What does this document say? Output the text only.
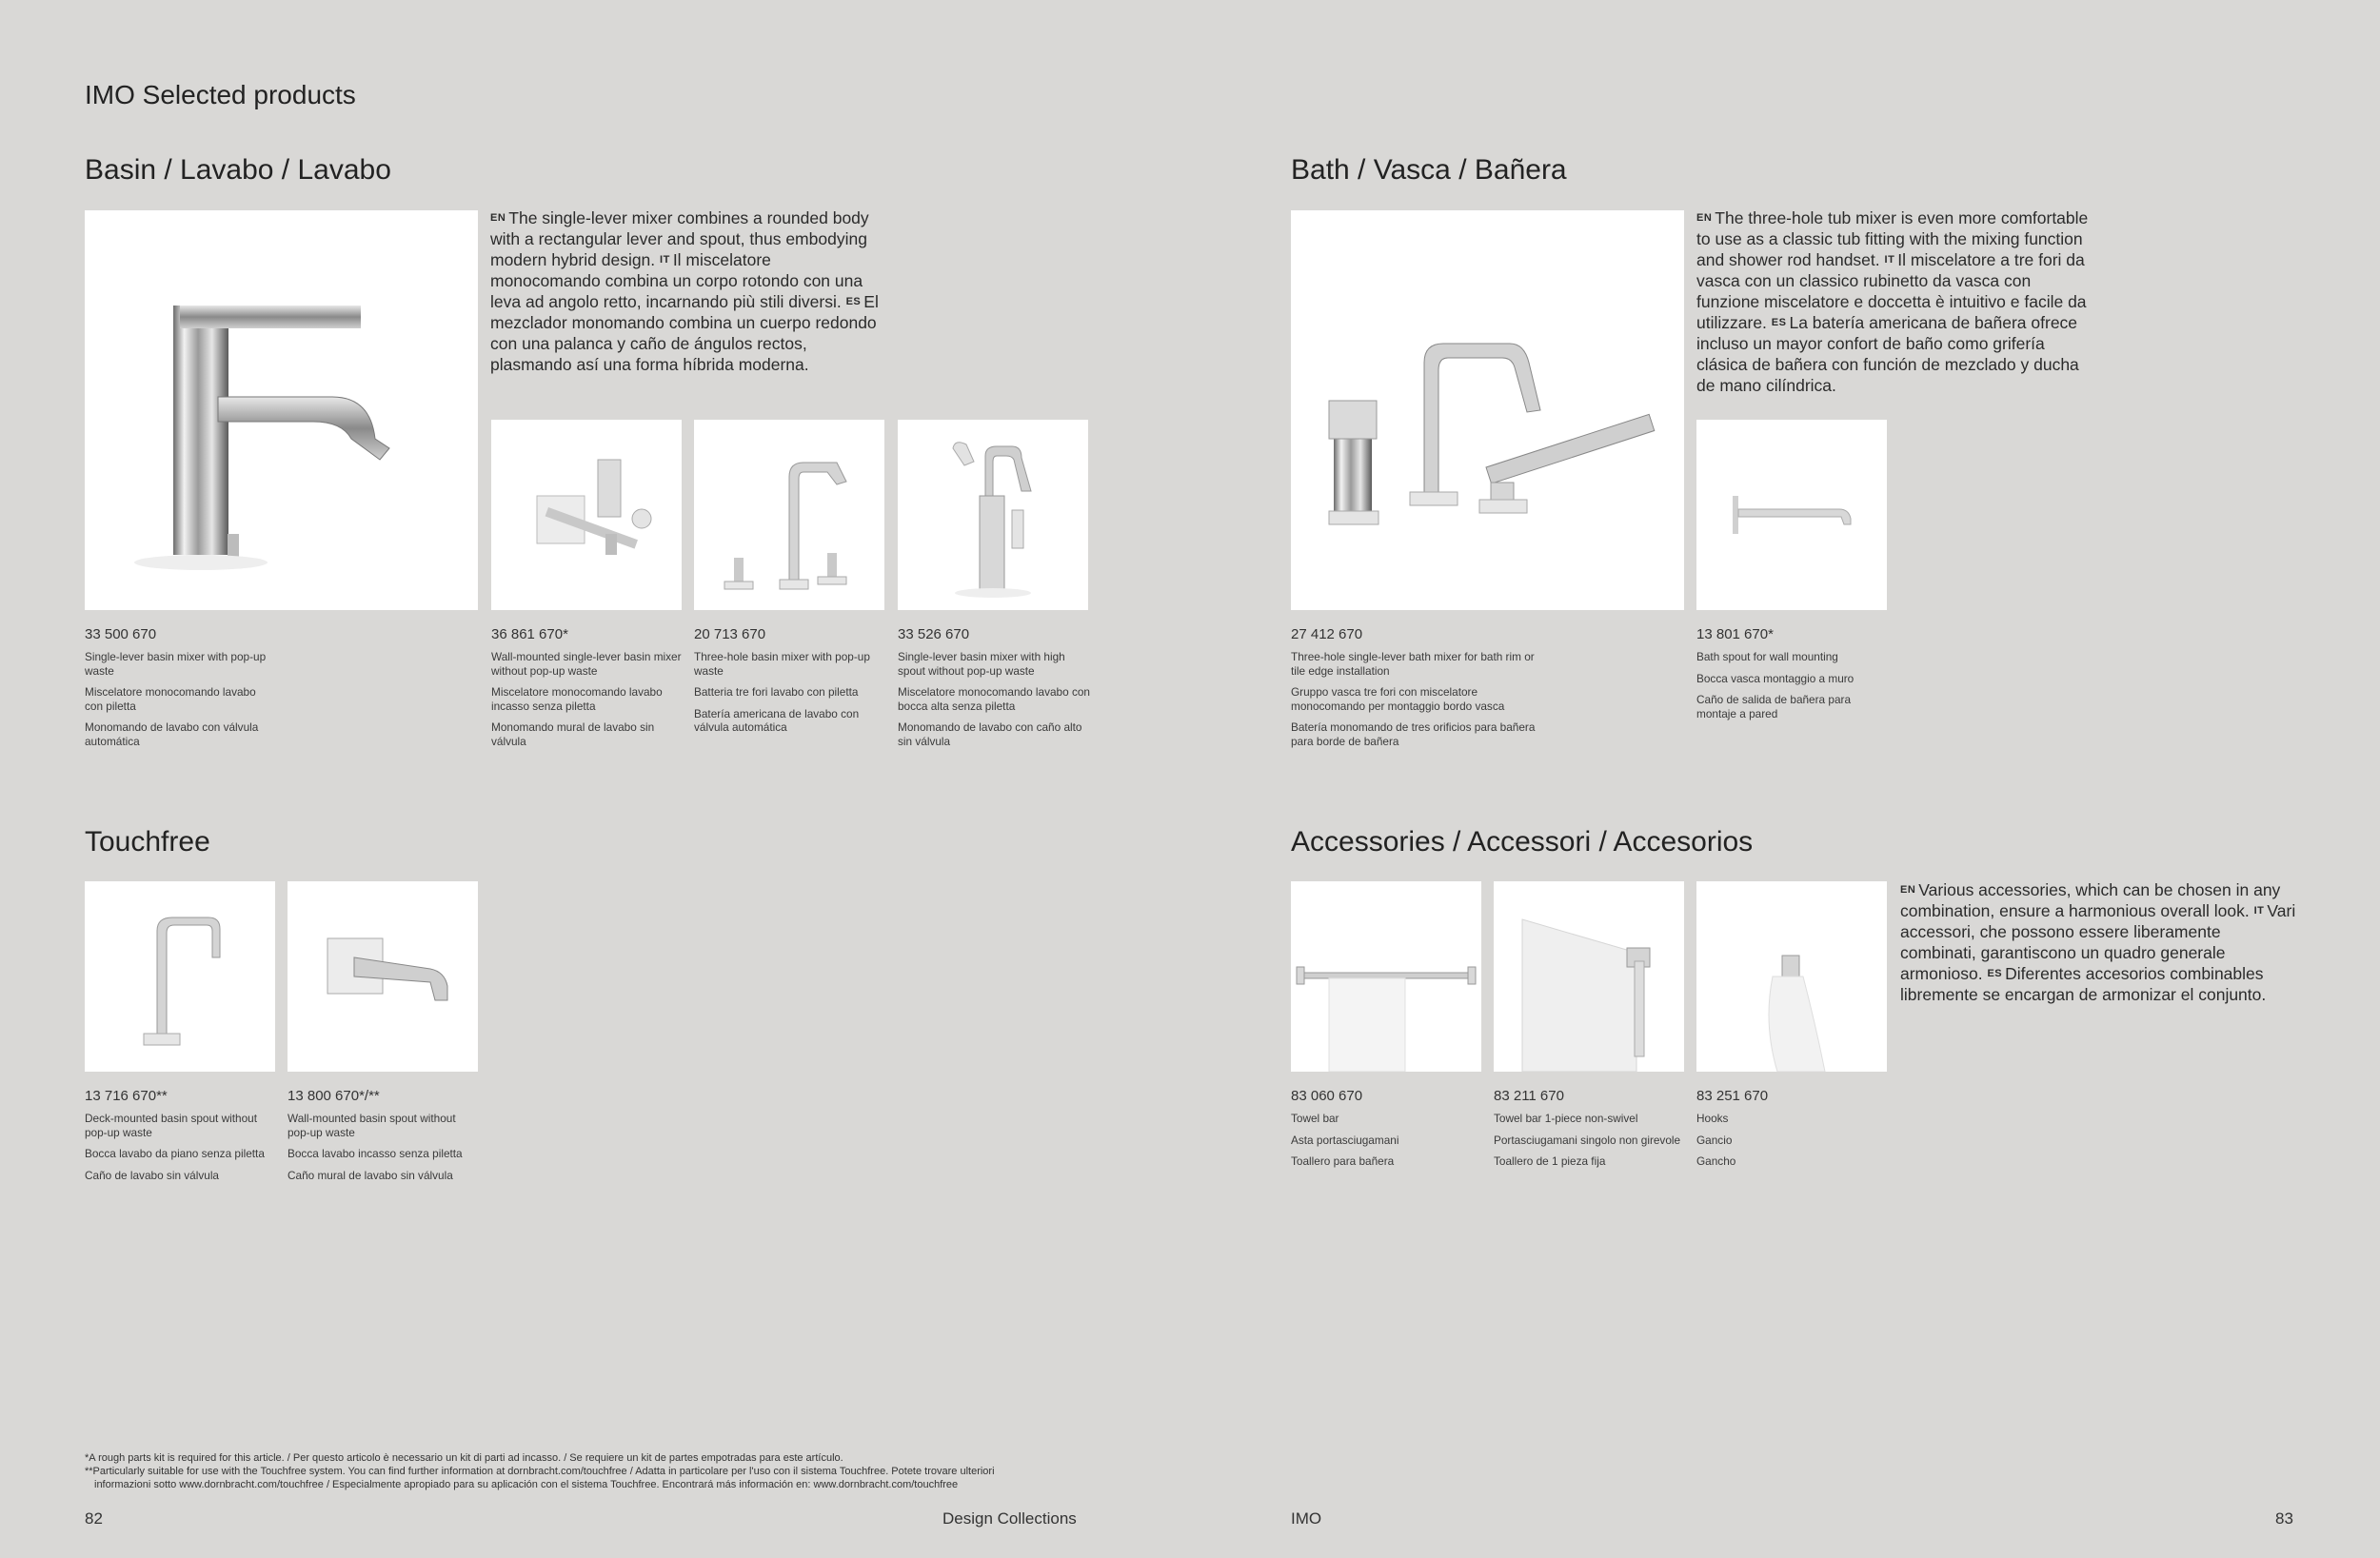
IMO Selected products
Basin / Lavabo / Lavabo
EN The single-lever mixer combines a rounded body with a rectangular lever and spout, thus embodying modern hybrid design. IT Il miscelatore monocomando combina un corpo rotondo con una leva ad angolo retto, incarnando più stili diversi. ES El mezclador monomando combina un cuerpo redondo con una palanca y caño de ángulos rectos, plasmando así una forma híbrida moderna.
33 500 670
Single-lever basin mixer with pop-up waste
Miscelatore monocomando lavabo con piletta
Monomando de lavabo con válvula automática
36 861 670*
Wall-mounted single-lever basin mixer without pop-up waste
Miscelatore monocomando lavabo incasso senza piletta
Monomando mural de lavabo sin válvula
20 713 670
Three-hole basin mixer with pop-up waste
Batteria tre fori lavabo con piletta
Batería americana de lavabo con válvula automática
33 526 670
Single-lever basin mixer with high spout without pop-up waste
Miscelatore monocomando lavabo con bocca alta senza piletta
Monomando de lavabo con caño alto sin válvula
Bath / Vasca / Bañera
EN The three-hole tub mixer is even more comfortable to use as a classic tub fitting with the mixing function and shower rod handset. IT Il miscelatore a tre fori da vasca con un classico rubinetto da vasca con funzione miscelatore e doccetta è intuitivo e facile da utilizzare. ES La batería americana de bañera ofrece incluso un mayor confort de baño como grifería clásica de bañera con función de mezclado y ducha de mano cilíndrica.
27 412 670
Three-hole single-lever bath mixer for bath rim or tile edge installation
Gruppo vasca tre fori con miscelatore monocomando per montaggio bordo vasca
Batería monomando de tres orificios para bañera para borde de bañera
13 801 670*
Bath spout for wall mounting
Bocca vasca montaggio a muro
Caño de salida de bañera para montaje a pared
Touchfree
13 716 670**
Deck-mounted basin spout without pop-up waste
Bocca lavabo da piano senza piletta
Caño de lavabo sin válvula
13 800 670*/**
Wall-mounted basin spout without pop-up waste
Bocca lavabo incasso senza piletta
Caño mural de lavabo sin válvula
Accessories / Accessori / Accesorios
EN Various accessories, which can be chosen in any combination, ensure a harmonious overall look. IT Vari accessori, che possono essere liberamente combinati, garantiscono un quadro generale armonioso. ES Diferentes accesorios combinables libremente se encargan de armonizar el conjunto.
83 060 670
Towel bar
Asta portasciugamani
Toallero para bañera
83 211 670
Towel bar 1-piece non-swivel
Portasciugamani singolo non girevole
Toallero de 1 pieza fija
83 251 670
Hooks
Gancio
Gancho
*A rough parts kit is required for this article. / Per questo articolo è necessario un kit di parti ad incasso. / Se requiere un kit de partes empotradas para este artículo.
**Particularly suitable for use with the Touchfree system. You can find further information at dornbracht.com/touchfree / Adatta in particolare per l'uso con il sistema Touchfree. Potete trovare ulteriori
informazioni sotto www.dornbracht.com/touchfree / Especialmente apropiado para su aplicación con el sistema Touchfree. Encontrará más información en: www.dornbracht.com/touchfree
82	Design Collections	IMO	83
